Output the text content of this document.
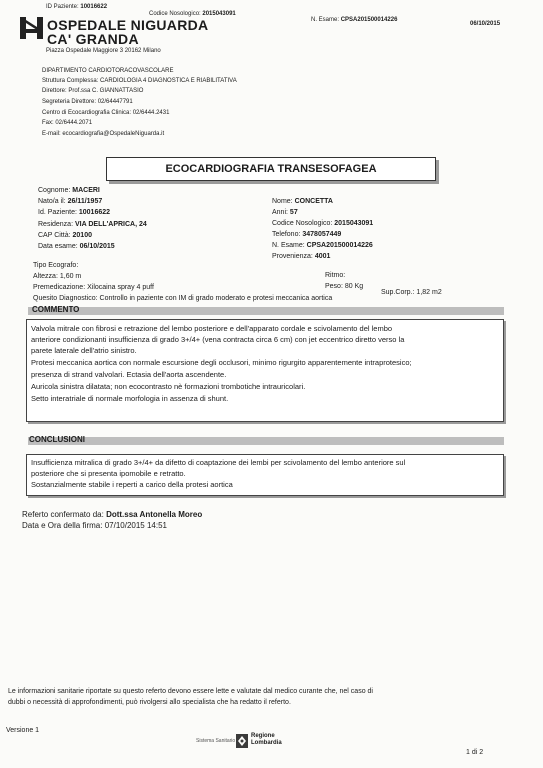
ID Paziente: 10016622
Codice Nosologico: 2015043091
N. Esame: CPSA201500014226
06/10/2015
OSPEDALE NIGUARDA
CA' GRANDA
Piazza Ospedale Maggiore 3 20162 Milano
DIPARTIMENTO CARDIOTORACOVASCOLARE
Struttura Complessa: CARDIOLOGIA 4 DIAGNOSTICA E RIABILITATIVA
Direttore: Prof.ssa C. GIANNATTASIO
Segreteria Direttore: 02/64447791
Centro di Ecocardiografia Clinica: 02/6444.2431
Fax: 02/6444.2071
E-mail: ecocardiografia@OspedaleNiguarda.it
ECOCARDIOGRAFIA TRANSESOFAGEA
Cognome: MACERI
Nato/a il: 26/11/1957
Id. Paziente: 10016622
Residenza: VIA DELL'APRICA, 24
CAP Città: 20100
Data esame: 06/10/2015
Nome: CONCETTA
Anni: 57
Codice Nosologico: 2015043091
Telefono: 3478057449
N. Esame: CPSA201500014226
Provenienza: 4001
Tipo Ecografo:
Altezza: 1,60 m
Premedicazione: Xilocaina spray 4 puff
Quesito Diagnostico: Controllo in paziente con IM di grado moderato e protesi meccanica aortica
Ritmo:
Peso: 80 Kg
Sup.Corp.: 1,82 m2
COMMENTO
Valvola mitrale con fibrosi e retrazione del lembo posteriore e dell'apparato cordale e scivolamento del lembo
anteriore condizionanti insufficienza di grado 3+/4+ (vena contracta circa 6 cm) con jet eccentrico diretto verso la
parete laterale dell'atrio sinistro.
Protesi meccanica aortica con normale escursione degli occlusori, minimo rigurgito apparentemente intraprotesico;
presenza di strand valvolari. Ectasia dell'aorta ascendente.
Auricola sinistra dilatata; non ecocontrasto nè formazioni trombotiche intrauricolari.
Setto interatriale di normale morfologia in assenza di shunt.
CONCLUSIONI
Insufficienza mitralica di grado 3+/4+ da difetto di coaptazione dei lembi per scivolamento del lembo anteriore sul
posteriore che si presenta ipomobile e retratto.
Sostanzialmente stabile i reperti a carico della protesi aortica
Referto confermato da: Dott.ssa Antonella Moreo
Data e Ora della firma: 07/10/2015 14:51
Le informazioni sanitarie riportate su questo referto devono essere lette e valutate dal medico curante che, nel caso di
dubbi o necessità di approfondimenti, può rivolgersi allo specialista che ha redatto il referto.
Versione 1
Sistema Sanitario
Regione
Lombardia
1 di 2
